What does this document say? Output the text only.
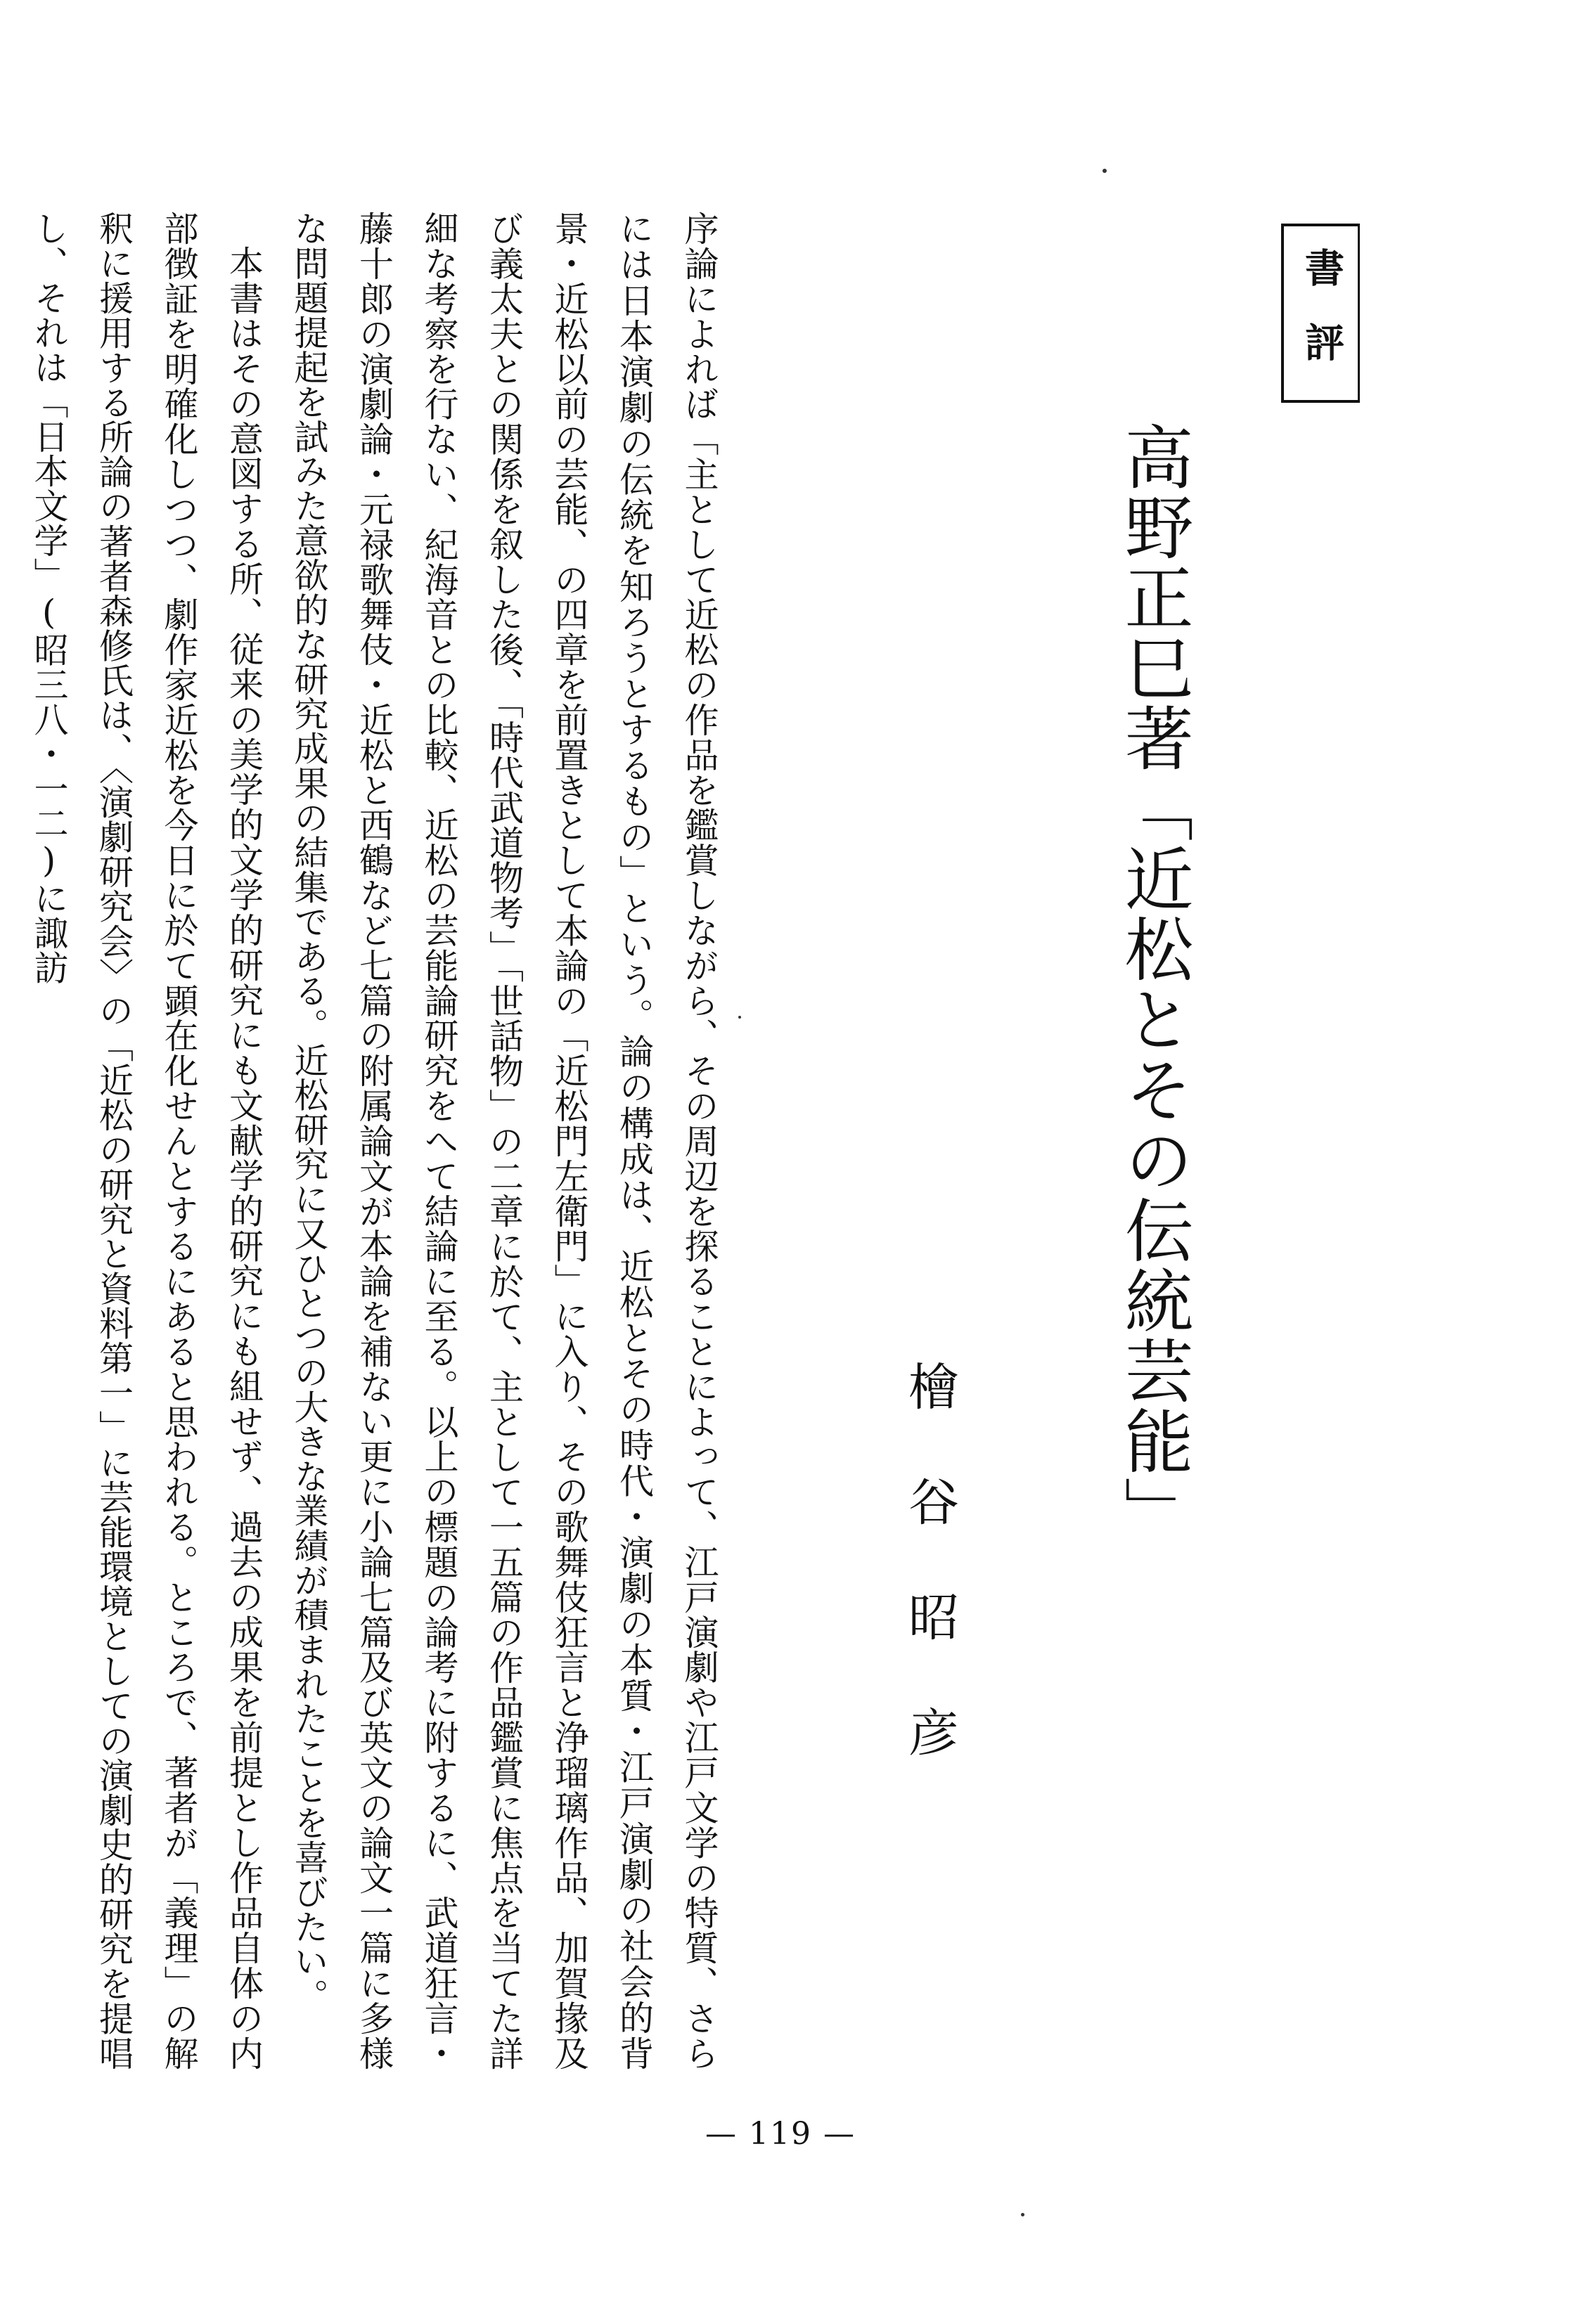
書評
高野正巳著「近松とその伝統芸能」
檜谷昭彦

序論によれば「主として近松の作品を鑑賞しながら、その周辺を探ることによって、江戸演劇や江戸文学の特質、さらには日本演劇の伝統を知ろうとするもの」という。論の構成は、近松とその時代・演劇の本質・江戸演劇の社会的背景・近松以前の芸能、の四章を前置きとして本論の「近松門左衛門」に入り、その歌舞伎狂言と浄瑠璃作品、加賀掾及び義太夫との関係を叙した後、「時代武道物考」「世話物」の二章に於て、主として一五篇の作品鑑賞に焦点を当てた詳細な考察を行ない、紀海音との比較、近松の芸能論研究をへて結論に至る。以上の標題の論考に附するに、武道狂言・藤十郎の演劇論・元禄歌舞伎・近松と西鶴など七篇の附属論文が本論を補ない更に小論七篇及び英文の論文一篇に多様な問題提起を試みた意欲的な研究成果の結集である。近松研究に又ひとつの大きな業績が積まれたことを喜びたい。

本書はその意図する所、従来の美学的文学的研究にも文献学的研究にも組せず、過去の成果を前提とし作品自体の内部徴証を明確化しつつ、劇作家近松を今日に於て顕在化せんとするにあると思われる。ところで、著者が「義理」の解釈に援用する所論の著者森修氏は、〈演劇研究会〉の「近松の研究と資料第一」に芸能環境としての演劇史的研究を提唱し、それは「日本文学」(昭三八・一二)に諏訪

— 119 —
